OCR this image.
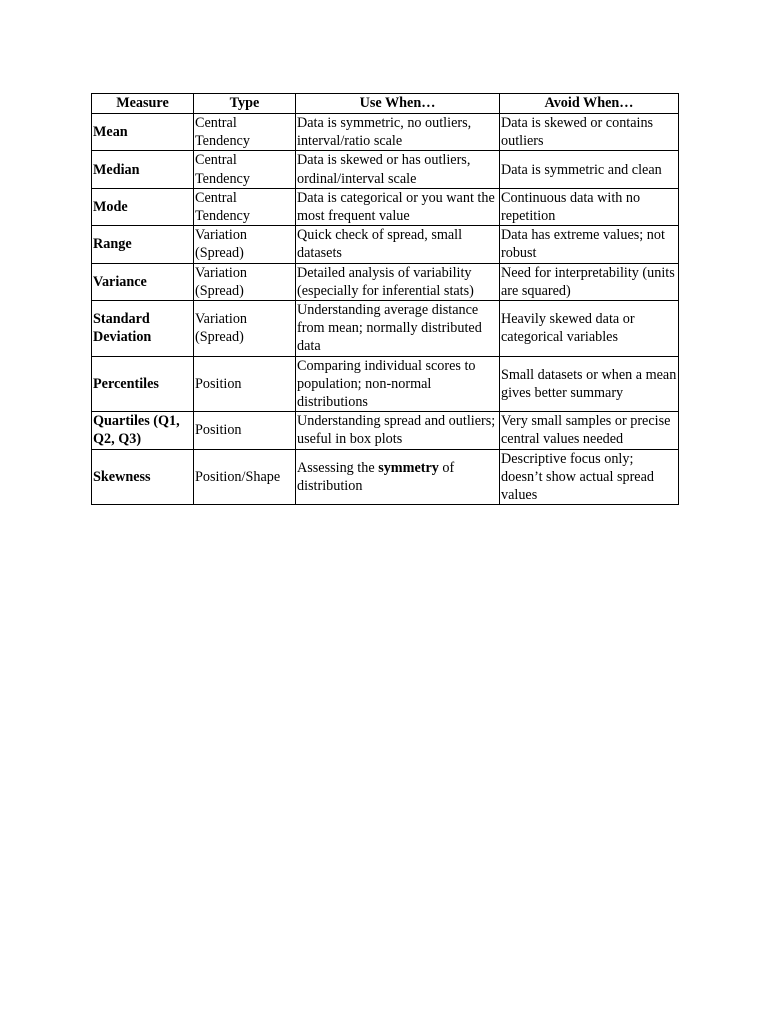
Measure	Type	Use When…	Avoid When…
Mean	Central Tendency	Data is symmetric, no outliers, interval/ratio scale	Data is skewed or contains outliers
Median	Central Tendency	Data is skewed or has outliers, ordinal/interval scale	Data is symmetric and clean
Mode	Central Tendency	Data is categorical or you want the most frequent value	Continuous data with no repetition
Range	Variation (Spread)	Quick check of spread, small datasets	Data has extreme values; not robust
Variance	Variation (Spread)	Detailed analysis of variability (especially for inferential stats)	Need for interpretability (units are squared)
Standard Deviation	Variation (Spread)	Understanding average distance from mean; normally distributed data	Heavily skewed data or categorical variables
Percentiles	Position	Comparing individual scores to population; non-normal distributions	Small datasets or when a mean gives better summary
Quartiles (Q1, Q2, Q3)	Position	Understanding spread and outliers; useful in box plots	Very small samples or precise central values needed
Skewness	Position/Shape	Assessing the symmetry of distribution	Descriptive focus only; doesn’t show actual spread values
